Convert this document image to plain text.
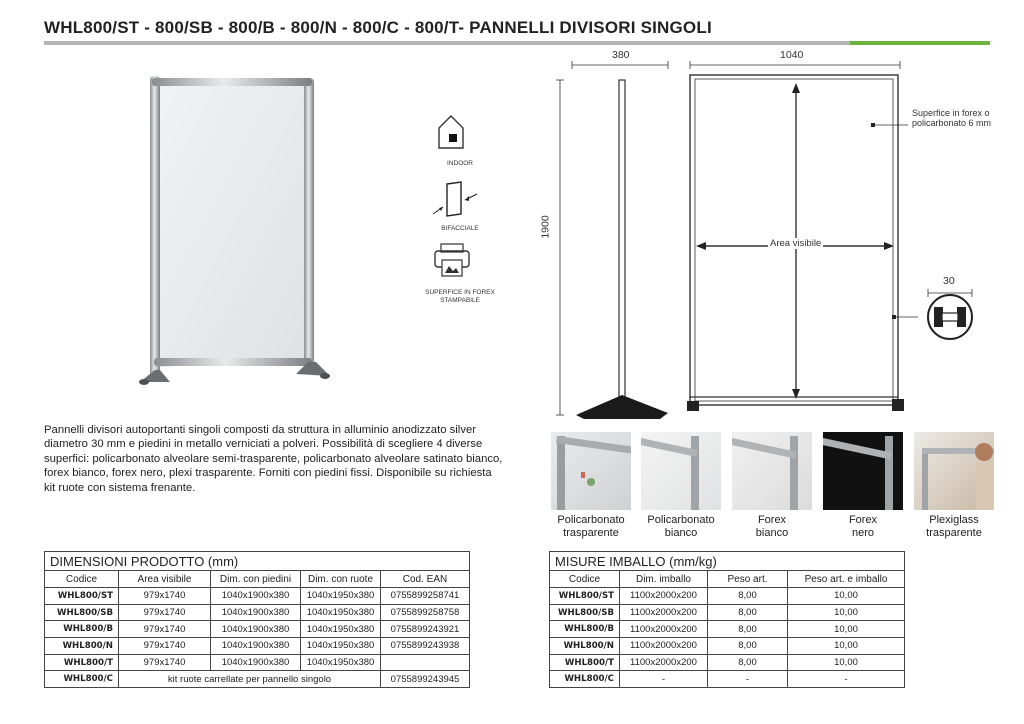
WHL800/ST - 800/SB - 800/B - 800/N - 800/C - 800/T- PANNELLI DIVISORI SINGOLI
INDOOR
BIFACCIALE
SUPERFICE IN FOREX STAMPABILE
380	1040
1900
30
Superfice in forex o policarbonato 6 mm
Area visibile
Pannelli divisori autoportanti singoli composti da struttura in alluminio anodizzato silver diametro 30 mm e piedini in metallo verniciati a polveri. Possibilità di scegliere 4 diverse superfici: policarbonato alveolare semi-trasparente, policarbonato alveolare satinato bianco, forex bianco, forex nero, plexi trasparente. Forniti con piedini fissi. Disponibile su richiesta kit ruote con sistema frenante.
Policarbonato
trasparente
Policarbonato
bianco
Forex
bianco
Forex
nero
Plexiglass
trasparente
DIMENSIONI PRODOTTO (mm)				
Codice	Area visibile	Dim. con piedini	Dim. con ruote	Cod. EAN
WHL800/ST	979x1740	1040x1900x380	1040x1950x380	0755899258741
WHL800/SB	979x1740	1040x1900x380	1040x1950x380	0755899258758
WHL800/B	979x1740	1040x1900x380	1040x1950x380	0755899243921
WHL800/N	979x1740	1040x1900x380	1040x1950x380	0755899243938
WHL800/T	979x1740	1040x1900x380	1040x1950x380	
WHL800/C	kit ruote carrellate per pannello singolo			0755899243945
MISURE IMBALLO (mm/kg)			
Codice	Dim. imballo	Peso art.	Peso art. e imballo
WHL800/ST	1100x2000x200	8,00	10,00
WHL800/SB	1100x2000x200	8,00	10,00
WHL800/B	1100x2000x200	8,00	10,00
WHL800/N	1100x2000x200	8,00	10,00
WHL800/T	1100x2000x200	8,00	10,00
WHL800/C	-	-	-
